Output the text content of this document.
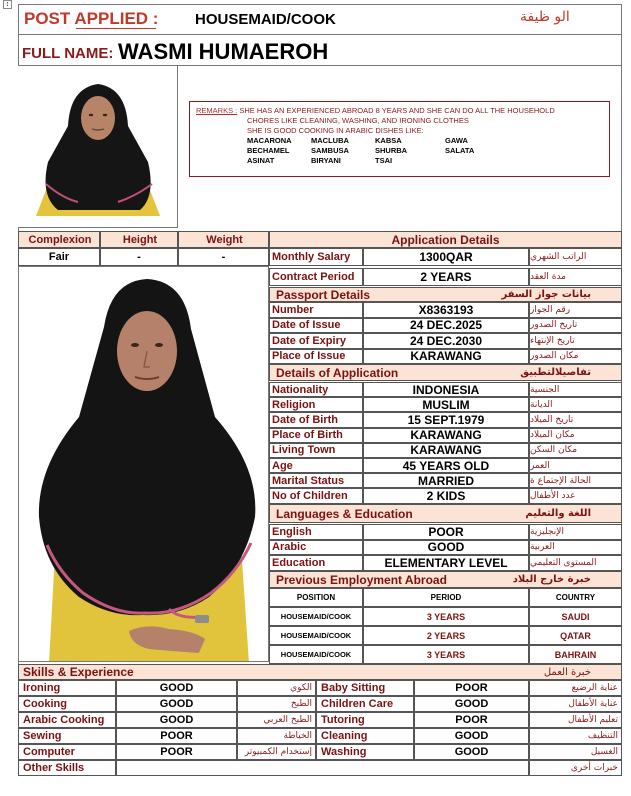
↕
POST APPLIED : HOUSEMAID/COOK	الو ظيفة
FULL NAME: WASMI HUMAEROH
REMARKS : SHE HAS AN EXPERIENCED ABROAD 8 YEARS AND SHE CAN DO ALL THE HOUSEHOLD
CHORES LIKE CLEANING, WASHING, AND IRONING CLOTHES
SHE IS GOOD COOKING IN ARABIC DISHES LIKE:
MACARONA	MACLUBA	KABSA	GAWA
BECHAMEL	SAMBUSA	SHURBA	SALATA
ASINAT	BIRYANI	TSAI
Complexion	Height	Weight
Fair	-	-
Application Details
Monthly Salary	1300QAR	الراتب الشهري
Contract Period	2 YEARS	مدة العقد
Passport Details	بيانات جواز السفر
Number	X8363193	رقم الجواز
Date of Issue	24 DEC.2025	تاريخ الصدور
Date of Expiry	24 DEC.2030	تاريخ الإنتهاء
Place of Issue	KARAWANG	مكان الصدور
Details of Application	تفاصيلالتطبيق
Nationality	INDONESIA	الجنسية
Religion	MUSLIM	الديانة
Date of Birth	15 SEPT.1979	تاريخ الميلاد
Place of Birth	KARAWANG	مكان الميلاد
Living Town	KARAWANG	مكان السكن
Age	45 YEARS OLD	العمر
Marital Status	MARRIED	الحالة الإجتماع ة
No of Children	2 KIDS	عدد الأطفال
Languages & Education	اللغة والتعليم
English	POOR	الإنجليزية
Arabic	GOOD	العربية
Education	ELEMENTARY LEVEL	المستوى التعليمي
Previous Employment Abroad	خبرة خارج البلاد
POSITION	PERIOD	COUNTRY
HOUSEMAID/COOK	3 YEARS	SAUDI
HOUSEMAID/COOK	2 YEARS	QATAR
HOUSEMAID/COOK	3 YEARS	BAHRAIN
Skills & Experience	خبرة العمل
Ironing	GOOD	الكوي Baby Sitting	POOR	عناية الرضيع
Cooking	GOOD	الطبخ Children Care	GOOD	عناية الأطفال
Arabic Cooking	GOOD	الطبخ العربي Tutoring	POOR	تعليم الأطفال
Sewing	POOR	الخياطة Cleaning	GOOD	التنظيف
Computer	POOR	إستخدام الكمبيوتر Washing	GOOD	الغسيل
Other Skills	خبرات أخرى
